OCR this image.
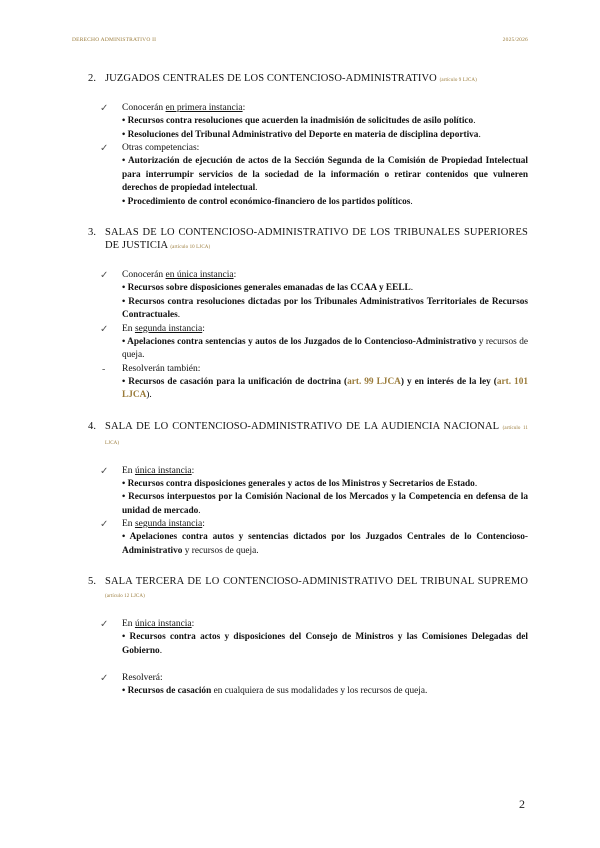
DERECHO ADMINISTRATIVO II	2025/2026
2. JUZGADOS CENTRALES DE LOS CONTENCIOSO-ADMINISTRATIVO (artículo 9 LJCA)
✓ Conocerán en primera instancia:
• Recursos contra resoluciones que acuerden la inadmisión de solicitudes de asilo político.
• Resoluciones del Tribunal Administrativo del Deporte en materia de disciplina deportiva.
✓ Otras competencias:
• Autorización de ejecución de actos de la Sección Segunda de la Comisión de Propiedad Intelectual para interrumpir servicios de la sociedad de la información o retirar contenidos que vulneren derechos de propiedad intelectual.
• Procedimiento de control económico-financiero de los partidos políticos.
3. SALAS DE LO CONTENCIOSO-ADMINISTRATIVO DE LOS TRIBUNALES SUPERIORES DE JUSTICIA (artículo 10 LJCA)
✓ Conocerán en única instancia:
• Recursos sobre disposiciones generales emanadas de las CCAA y EELL.
• Recursos contra resoluciones dictadas por los Tribunales Administrativos Territoriales de Recursos Contractuales.
✓ En segunda instancia:
• Apelaciones contra sentencias y autos de los Juzgados de lo Contencioso-Administrativo y recursos de queja.
- Resolverán también:
• Recursos de casación para la unificación de doctrina (art. 99 LJCA) y en interés de la ley (art. 101 LJCA).
4. SALA DE LO CONTENCIOSO-ADMINISTRATIVO DE LA AUDIENCIA NACIONAL (artículo 11 LJCA)
✓ En única instancia:
• Recursos contra disposiciones generales y actos de los Ministros y Secretarios de Estado.
• Recursos interpuestos por la Comisión Nacional de los Mercados y la Competencia en defensa de la unidad de mercado.
✓ En segunda instancia:
• Apelaciones contra autos y sentencias dictados por los Juzgados Centrales de lo Contencioso-Administrativo y recursos de queja.
5. SALA TERCERA DE LO CONTENCIOSO-ADMINISTRATIVO DEL TRIBUNAL SUPREMO (artículo 12 LJCA)
✓ En única instancia:
• Recursos contra actos y disposiciones del Consejo de Ministros y las Comisiones Delegadas del Gobierno.
✓ Resolverá:
• Recursos de casación en cualquiera de sus modalidades y los recursos de queja.
2
